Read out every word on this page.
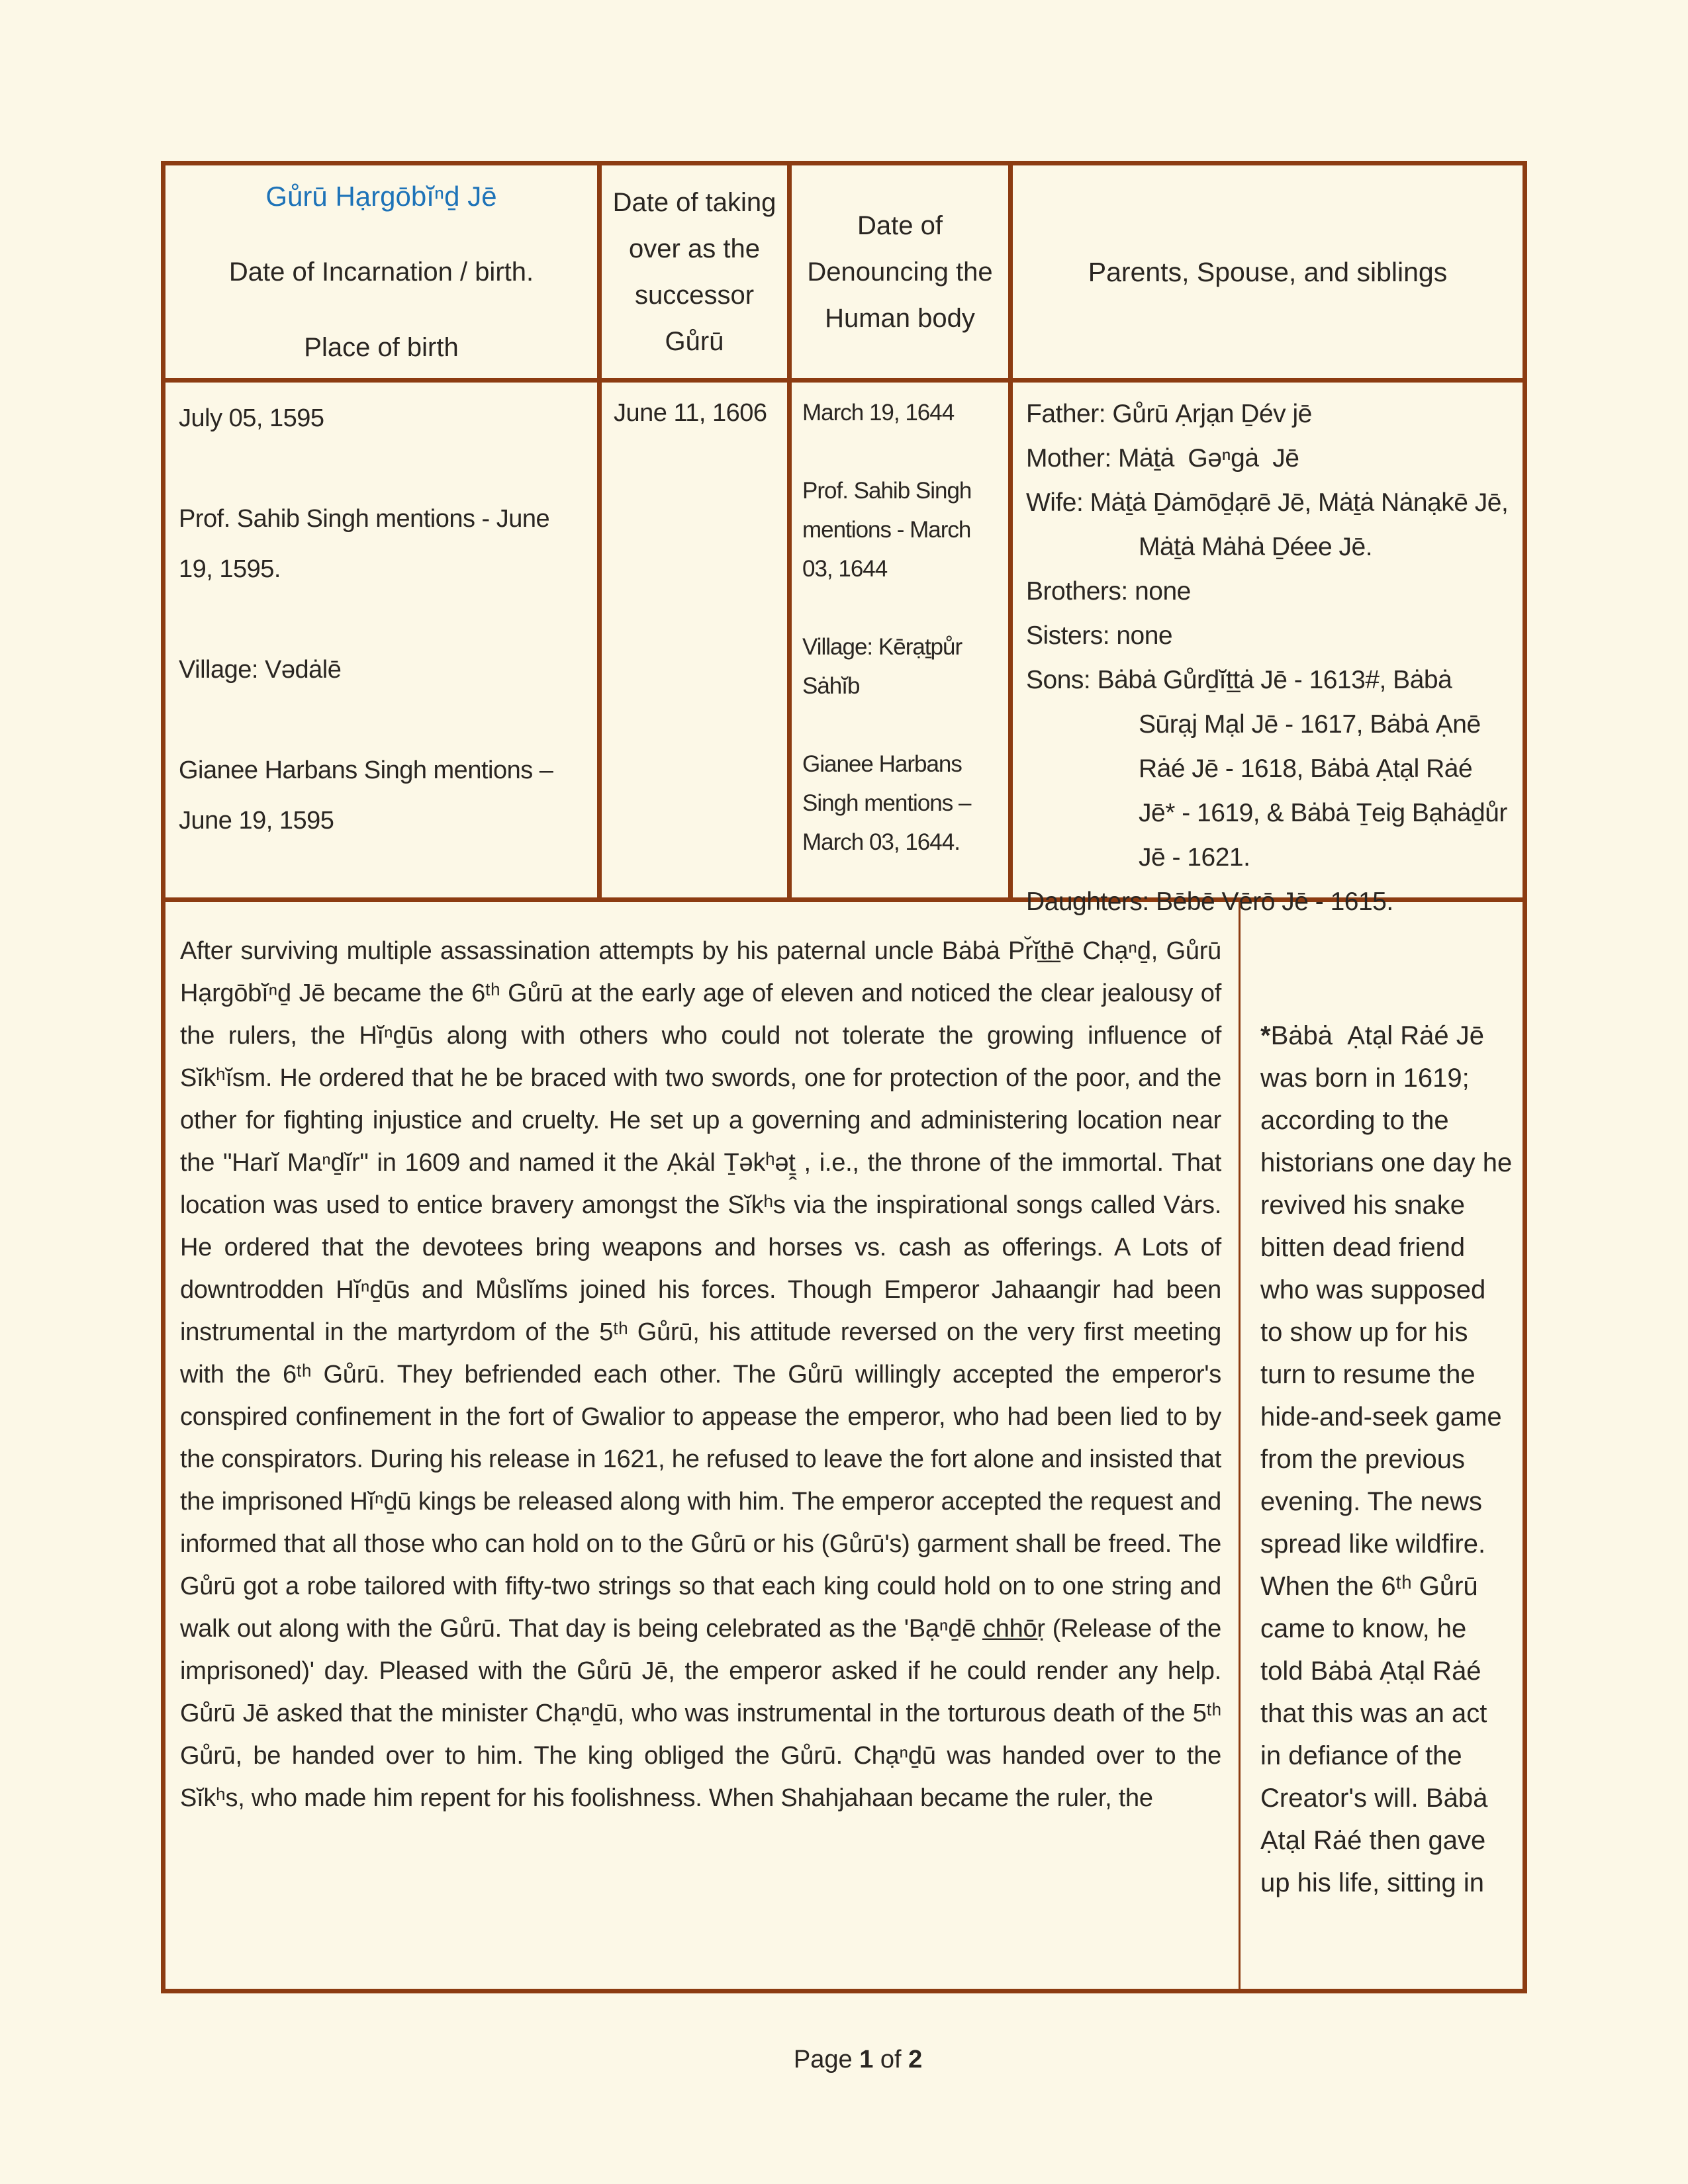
Gůrū Hạrgōbĭⁿḏ Jē

Date of Incarnation / birth.

Place of birth

Date of taking over as the successor Gůrū

Date of Denouncing the Human body

Parents, Spouse, and siblings

July 05, 1595

Prof. Sahib Singh mentions - June 19, 1595.

Village: Vədȧlē

Gianee Harbans Singh mentions – June 19, 1595

June 11, 1606	March 19, 1644

Prof. Sahib Singh mentions - March 03, 1644

Village: Kērạṯpůr Sȧhĭb

Gianee Harbans Singh mentions – March 03, 1644.

Father: Gůrū Ạrjạn Ḏév jē

Mother: Mȧṯȧ  Gəⁿgȧ  Jē

Wife: Mȧṯȧ Ḏȧmōḏạrē Jē, Mȧṯȧ Nȧnạkē Jē, Mȧṯȧ Mȧhȧ Ḏéee Jē.

Brothers: none

Sisters: none

Sons: Bȧbȧ Gůrḏĭṯṯȧ Jē - 1613#, Bȧbȧ Sūrạj Mạl Jē - 1617, Bȧbȧ Ạnē Rȧé Jē - 1618, Bȧbȧ Ạtạl Rȧé Jē* - 1619, & Bȧbȧ Ṯeig Bạhȧḏůr Jē - 1621.

Daughters: Bēbē Vērō Jē - 1615.

After surviving multiple assassination attempts by his paternal uncle Bȧbȧ Pr̆ĭt̲h̲ē Chạⁿḏ, Gůrū Hạrgōbĭⁿḏ Jē became the 6ᵗʰ Gůrū at the early age of eleven and noticed the clear jealousy of the rulers, the Hĭⁿḏūs along with others who could not tolerate the growing influence of Sĭkʰĭsm. He ordered that he be braced with two swords, one for protection of the poor, and the other for fighting injustice and cruelty. He set up a governing and administering location near the "Harĭ Maⁿḏĭr" in 1609 and named it the Ạkȧl Ṯəkʰəṯ̭ , i.e., the throne of the immortal. That location was used to entice bravery amongst the Sĭkʰs via the inspirational songs called Vȧrs. He ordered that the devotees bring weapons and horses vs. cash as offerings. A Lots of downtrodden Hĭⁿḏūs and Můslĭms joined his forces. Though Emperor Jahaangir had been instrumental in the martyrdom of the 5ᵗʰ Gůrū, his attitude reversed on the very first meeting with the 6ᵗʰ Gůrū. They befriended each other. The Gůrū willingly accepted the emperor's conspired confinement in the fort of Gwalior to appease the emperor, who had been lied to by the conspirators. During his release in 1621, he refused to leave the fort alone and insisted that the imprisoned Hĭⁿḏū kings be released along with him. The emperor accepted the request and informed that all those who can hold on to the Gůrū or his (Gůrū's) garment shall be freed. The Gůrū got a robe tailored with fifty-two strings so that each king could hold on to one string and walk out along with the Gůrū. That day is being celebrated as the 'Bạⁿḏē c̲h̲h̲ō̲ṛ (Release of the imprisoned)' day. Pleased with the Gůrū Jē, the emperor asked if he could render any help. Gůrū Jē asked that the minister Chạⁿḏū, who was instrumental in the torturous death of the 5ᵗʰ Gůrū, be handed over to him. The king obliged the Gůrū. Chạⁿḏū was handed over to the Sĭkʰs, who made him repent for his foolishness. When Shahjahaan became the ruler, the

*Bȧbȧ  Ạtạl Rȧé Jē was born in 1619; according to the historians one day he revived his snake bitten dead friend who was supposed to show up for his turn to resume the hide-and-seek game from the previous evening. The news spread like wildfire. When the 6ᵗʰ Gůrū came to know, he told Bȧbȧ Ạtạl Rȧé that this was an act in defiance of the Creator's will. Bȧbȧ Ạtạl Rȧé then gave up his life, sitting in

Page 1 of 2
